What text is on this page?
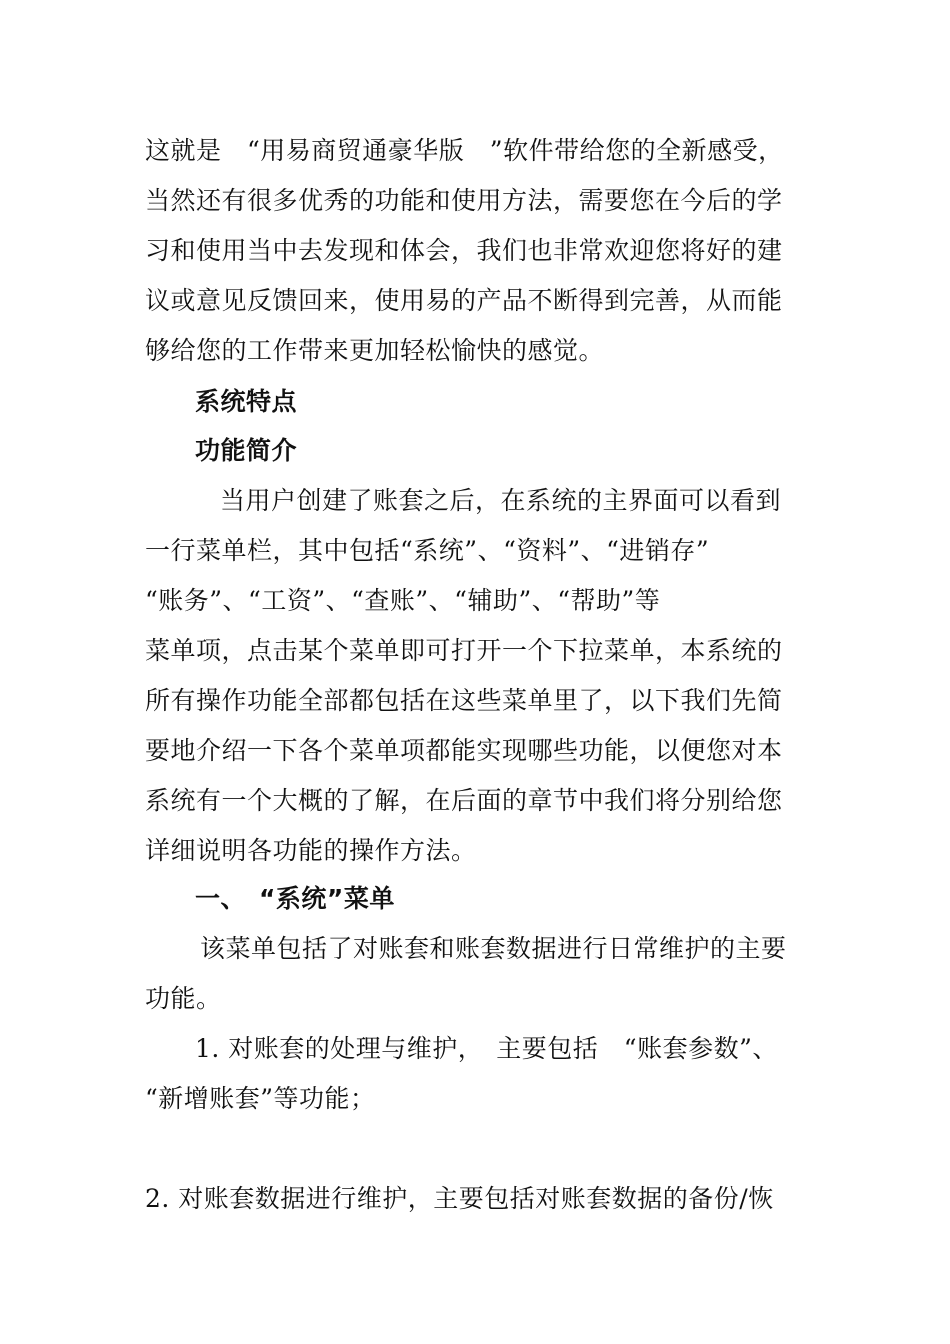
这就是　“用易商贸通豪华版　”软件带给您的全新感受，
当然还有很多优秀的功能和使用方法，需要您在今后的学
习和使用当中去发现和体会，我们也非常欢迎您将好的建
议或意见反馈回来，使用易的产品不断得到完善，从而能
够给您的工作带来更加轻松愉快的感觉。
系统特点
功能简介
当用户创建了账套之后，在系统的主界面可以看到
一行菜单栏，其中包括“系统”、“资料”、“进销存”
“账务”、“工资”、“查账”、“辅助”、“帮助”等
菜单项，点击某个菜单即可打开一个下拉菜单，本系统的
所有操作功能全部都包括在这些菜单里了，以下我们先简
要地介绍一下各个菜单项都能实现哪些功能，以便您对本
系统有一个大概的了解，在后面的章节中我们将分别给您
详细说明各功能的操作方法。
一、　“系统”菜单
该菜单包括了对账套和账套数据进行日常维护的主要
功能。
1. 对账套的处理与维护，　主要包括　“账套参数”、
“新增账套”等功能；
2. 对账套数据进行维护，主要包括对账套数据的备份/恢
